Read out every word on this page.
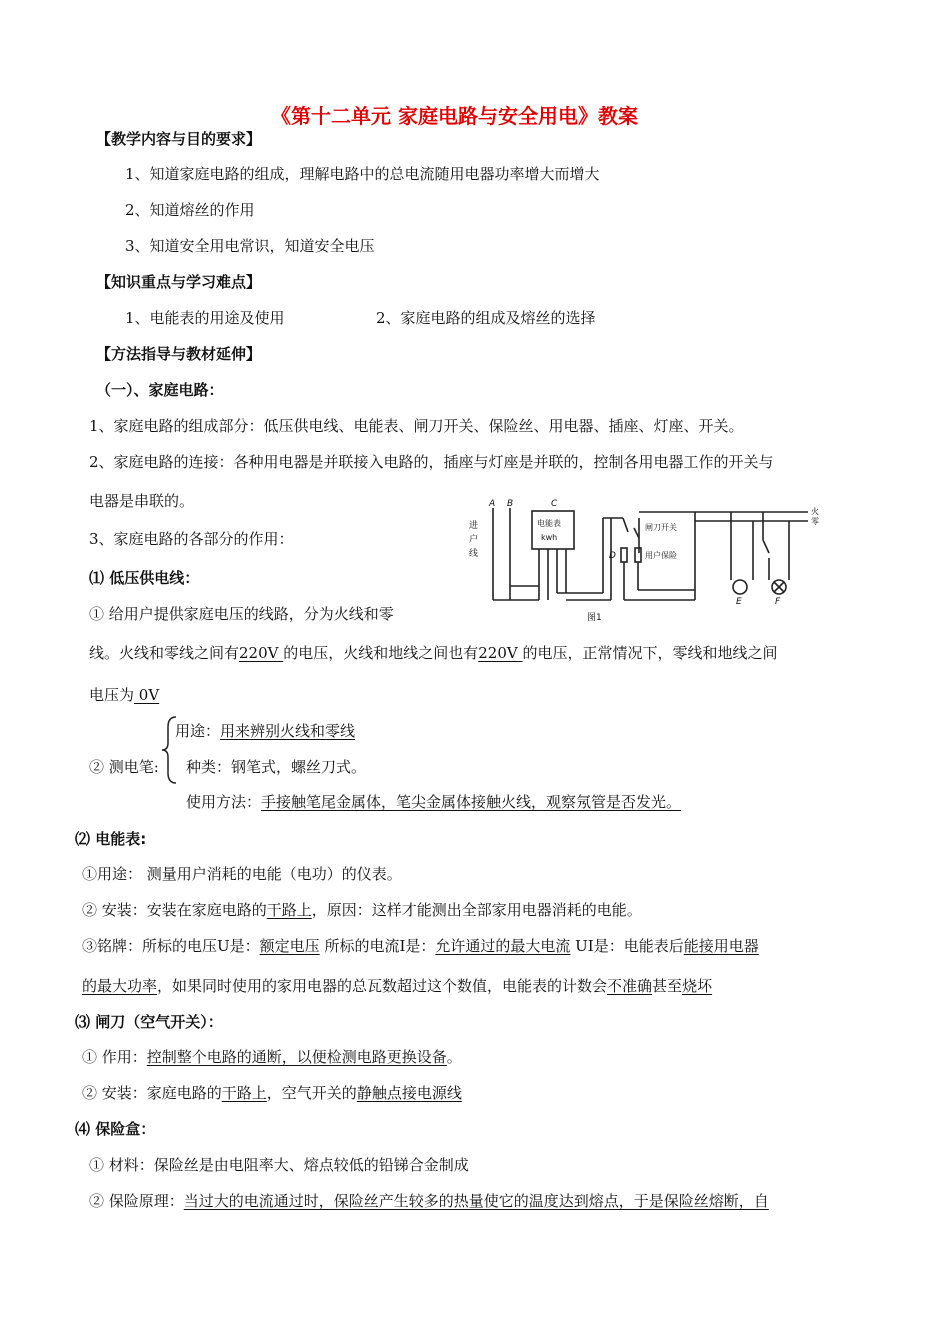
《第十二单元 家庭电路与安全用电》教案
【教学内容与目的要求】
1、知道家庭电路的组成，理解电路中的总电流随用电器功率增大而增大
2、知道熔丝的作用
3、知道安全用电常识，知道安全电压
【知识重点与学习难点】
1、电能表的用途及使用	2、家庭电路的组成及熔丝的选择
【方法指导与教材延伸】
（一）、家庭电路：
1、家庭电路的组成部分：低压供电线、电能表、闸刀开关、保险丝、用电器、插座、灯座、开关。
2、家庭电路的连接：各种用电器是并联接入电路的，插座与灯座是并联的，控制各用电器工作的开关与
电器是串联的。
3、家庭电路的各部分的作用：
A B	C
D
E	F
电能表
kwh
闸刀开关
用户保险
火
零
图1
进
户
线
⑴ 低压供电线：
① 给用户提供家庭电压的线路，分为火线和零
线。火线和零线之间有220V 的电压，火线和地线之间也有220V 的电压，正常情况下，零线和地线之间
电压为 0V
② 测电笔:
用途：用来辨别火线和零线
种类：钢笔式，螺丝刀式。
使用方法：手接触笔尾金属体，笔尖金属体接触火线，观察氖管是否发光。
⑵ 电能表:
①用途： 测量用户消耗的电能（电功）的仪表。
② 安装：安装在家庭电路的干路上，原因：这样才能测出全部家用电器消耗的电能。
③铭牌：所标的电压U是：额定电压 所标的电流I是：允许通过的最大电流 UI是：电能表后能接用电器
的最大功率，如果同时使用的家用电器的总瓦数超过这个数值，电能表的计数会不准确甚至烧坏
⑶ 闸刀（空气开关）：
① 作用：控制整个电路的通断，以便检测电路更换设备。
② 安装：家庭电路的干路上，空气开关的静触点接电源线
⑷ 保险盒：
① 材料：保险丝是由电阻率大、熔点较低的铅锑合金制成
② 保险原理：当过大的电流通过时，保险丝产生较多的热量使它的温度达到熔点，于是保险丝熔断，自
